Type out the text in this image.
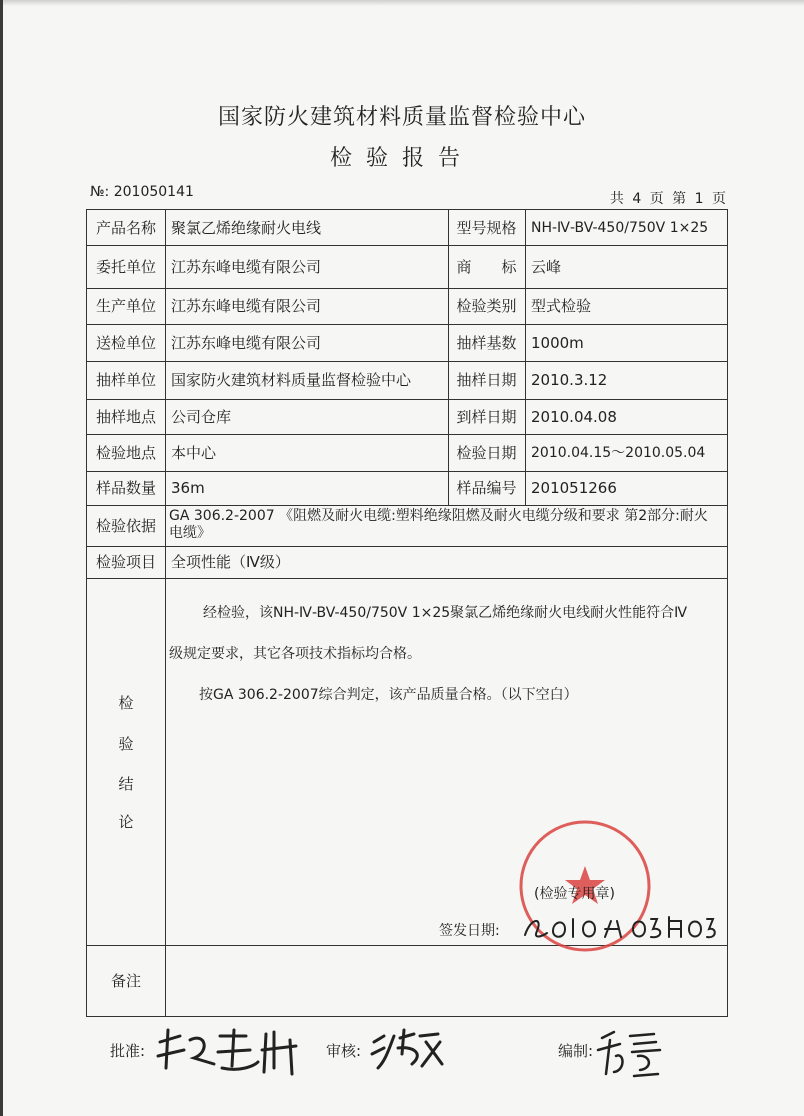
国家防火建筑材料质量监督检验中心
检验报告
№: 201050141	共 4 页 第 1 页
产品名称	聚氯乙烯绝缘耐火电线	型号规格	NH-Ⅳ-BV-450/750V 1×25
委托单位	江苏东峰电缆有限公司	商　　标 云峰
生产单位	江苏东峰电缆有限公司	检验类别 型式检验
送检单位	江苏东峰电缆有限公司	抽样基数 1000m
抽样单位	国家防火建筑材料质量监督检验中心	抽样日期 2010.3.12
抽样地点	公司仓库	到样日期 2010.04.08
检验地点	本中心	检验日期	2010.04.15～2010.05.04
样品数量	36m	样品编号 201051266
检验依据
GA 306.2-2007 《阻燃及耐火电缆:塑料绝缘阻燃及耐火电缆分级和要求 第2部分:耐火电缆》
检验项目	全项性能（Ⅳ级）
检
验
结
论
经检验，该NH-Ⅳ-BV-450/750V 1×25聚氯乙烯绝缘耐火电线耐火性能符合Ⅳ
级规定要求，其它各项技术指标均合格。
按GA 306.2-2007综合判定，该产品质量合格。（以下空白）
(检验专用章)
签发日期:
备注
批准:	审核:	编制:
